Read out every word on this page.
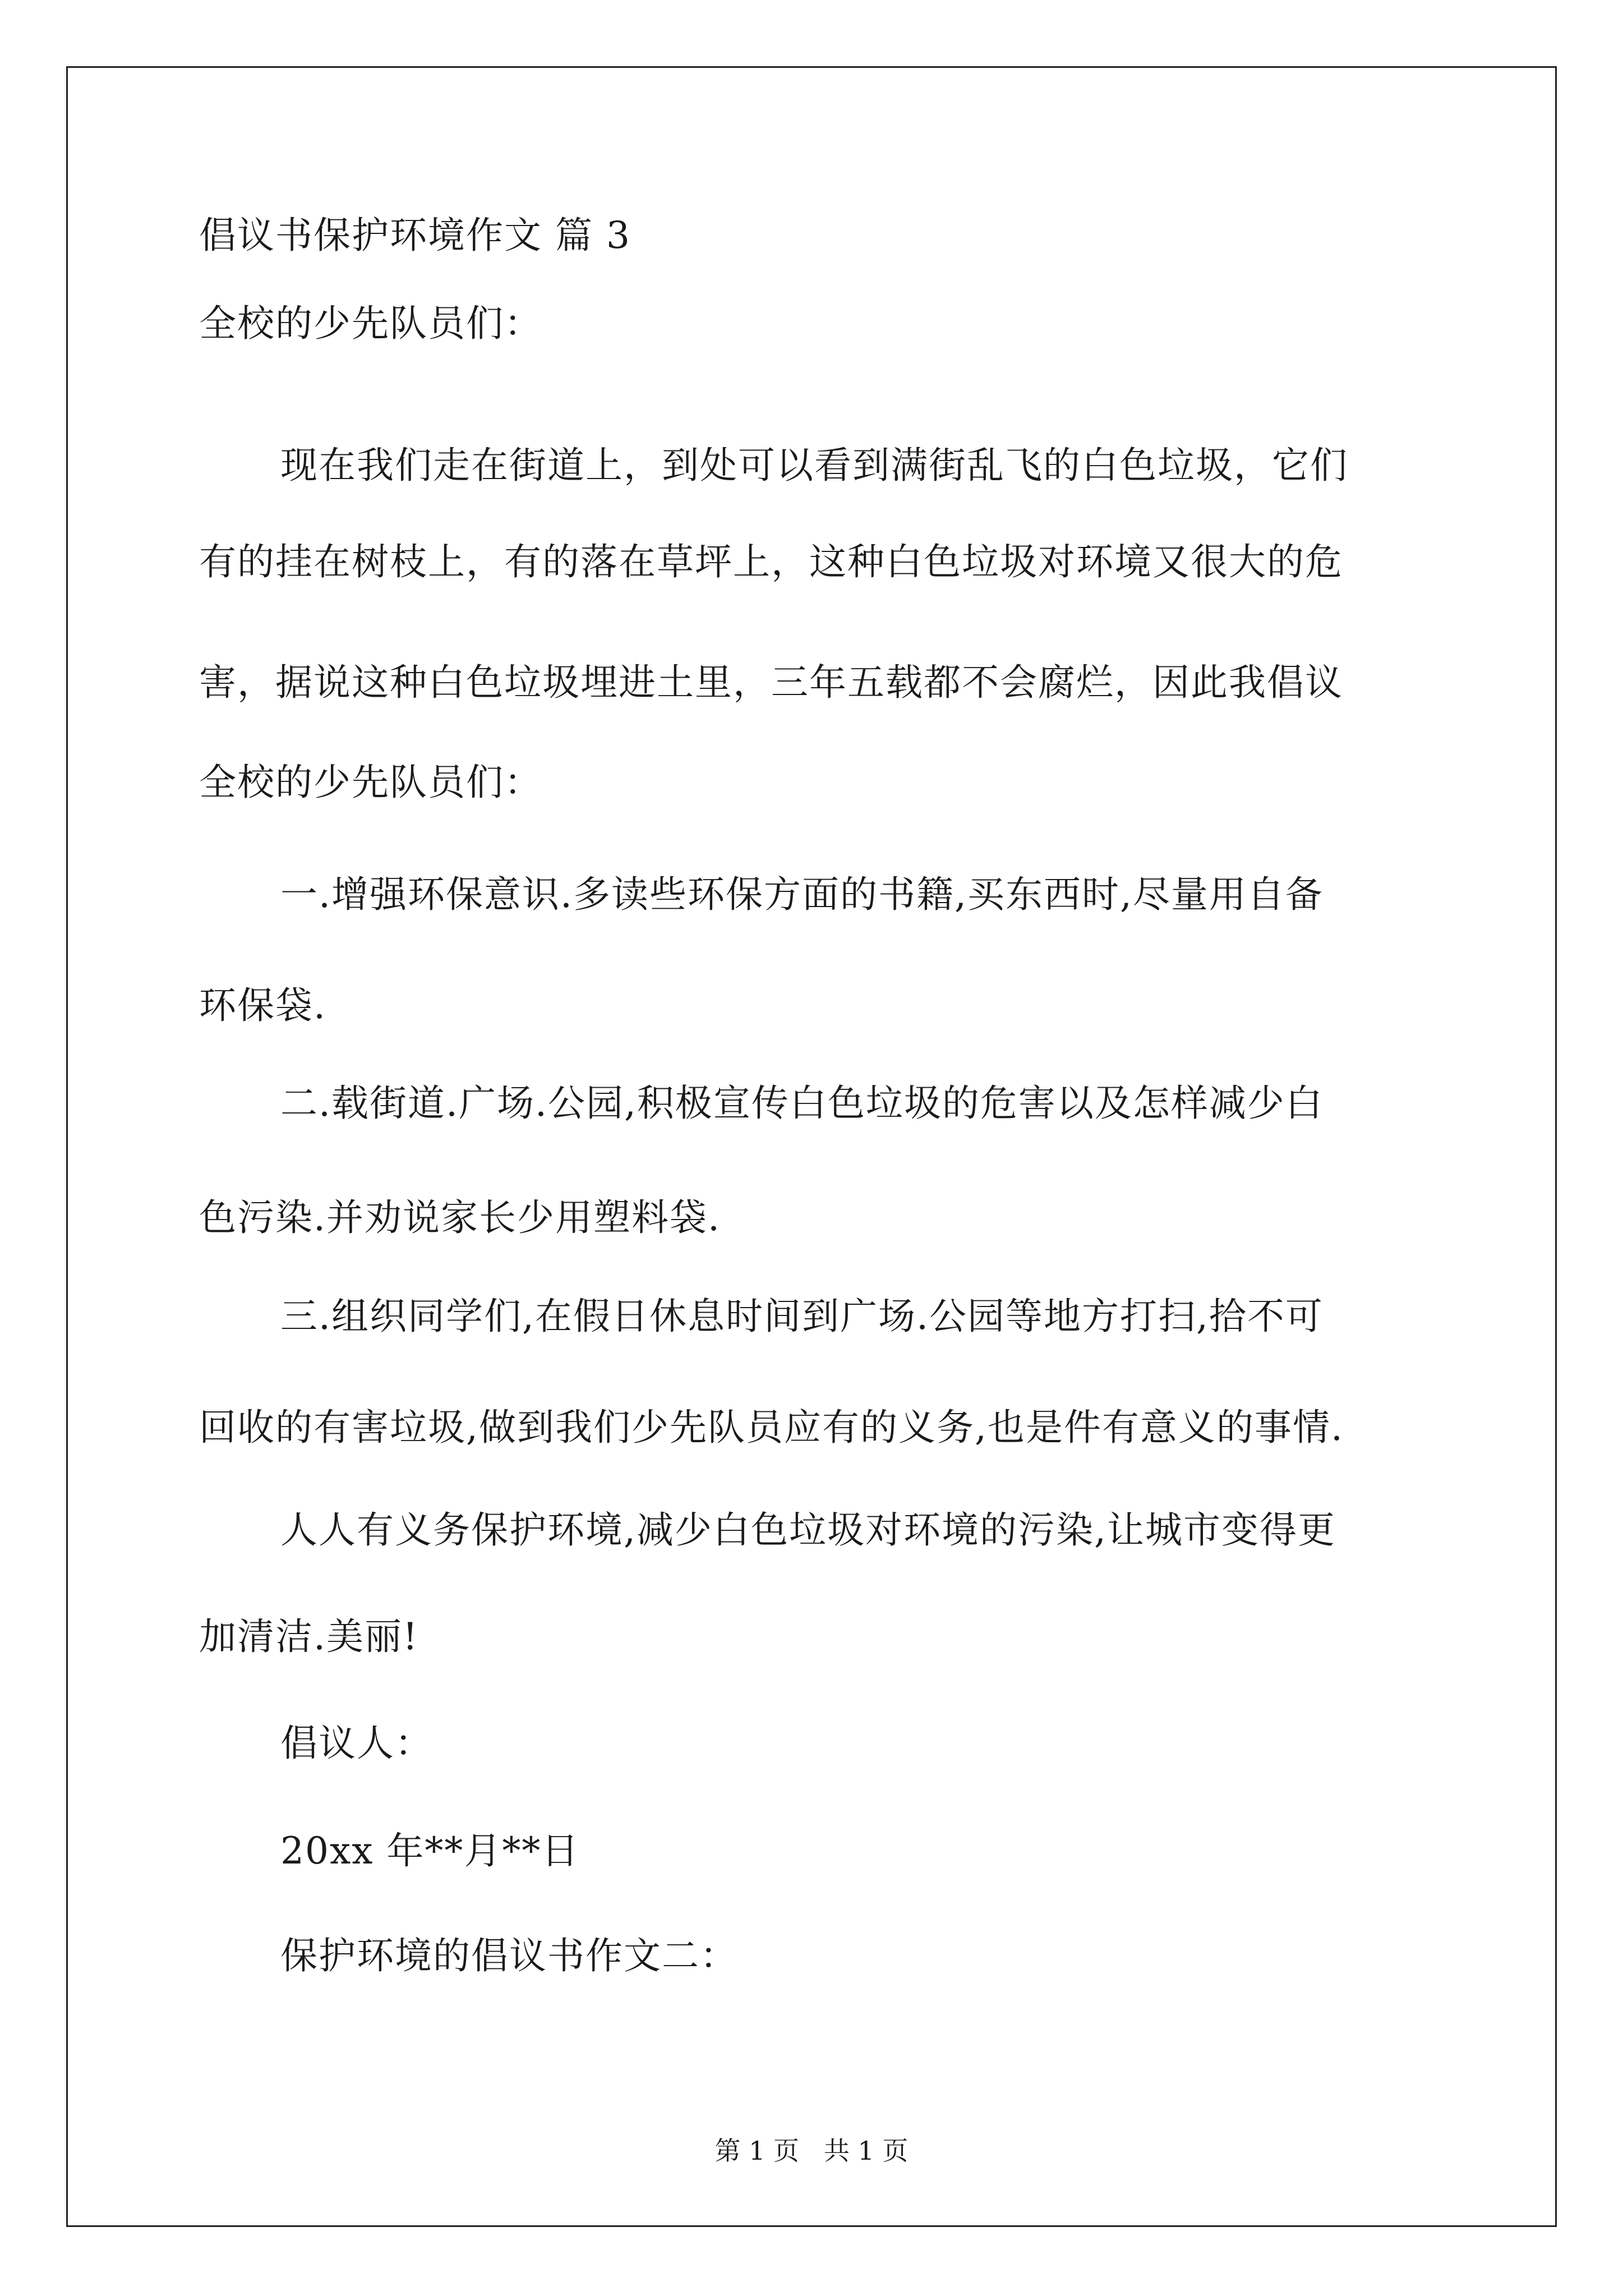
倡议书保护环境作文 篇 3
全校的少先队员们：
现在我们走在街道上，到处可以看到满街乱飞的白色垃圾，它们
有的挂在树枝上，有的落在草坪上，这种白色垃圾对环境又很大的危
害，据说这种白色垃圾埋进土里，三年五载都不会腐烂，因此我倡议
全校的少先队员们：
一.增强环保意识.多读些环保方面的书籍,买东西时,尽量用自备
环保袋.
二.载街道.广场.公园,积极宣传白色垃圾的危害以及怎样减少白
色污染.并劝说家长少用塑料袋.
三.组织同学们,在假日休息时间到广场.公园等地方打扫,拾不可
回收的有害垃圾,做到我们少先队员应有的义务,也是件有意义的事情.
人人有义务保护环境,减少白色垃圾对环境的污染,让城市变得更
加清洁.美丽!
倡议人：
20xx 年**月**日
保护环境的倡议书作文二：
第 1 页   共 1 页
